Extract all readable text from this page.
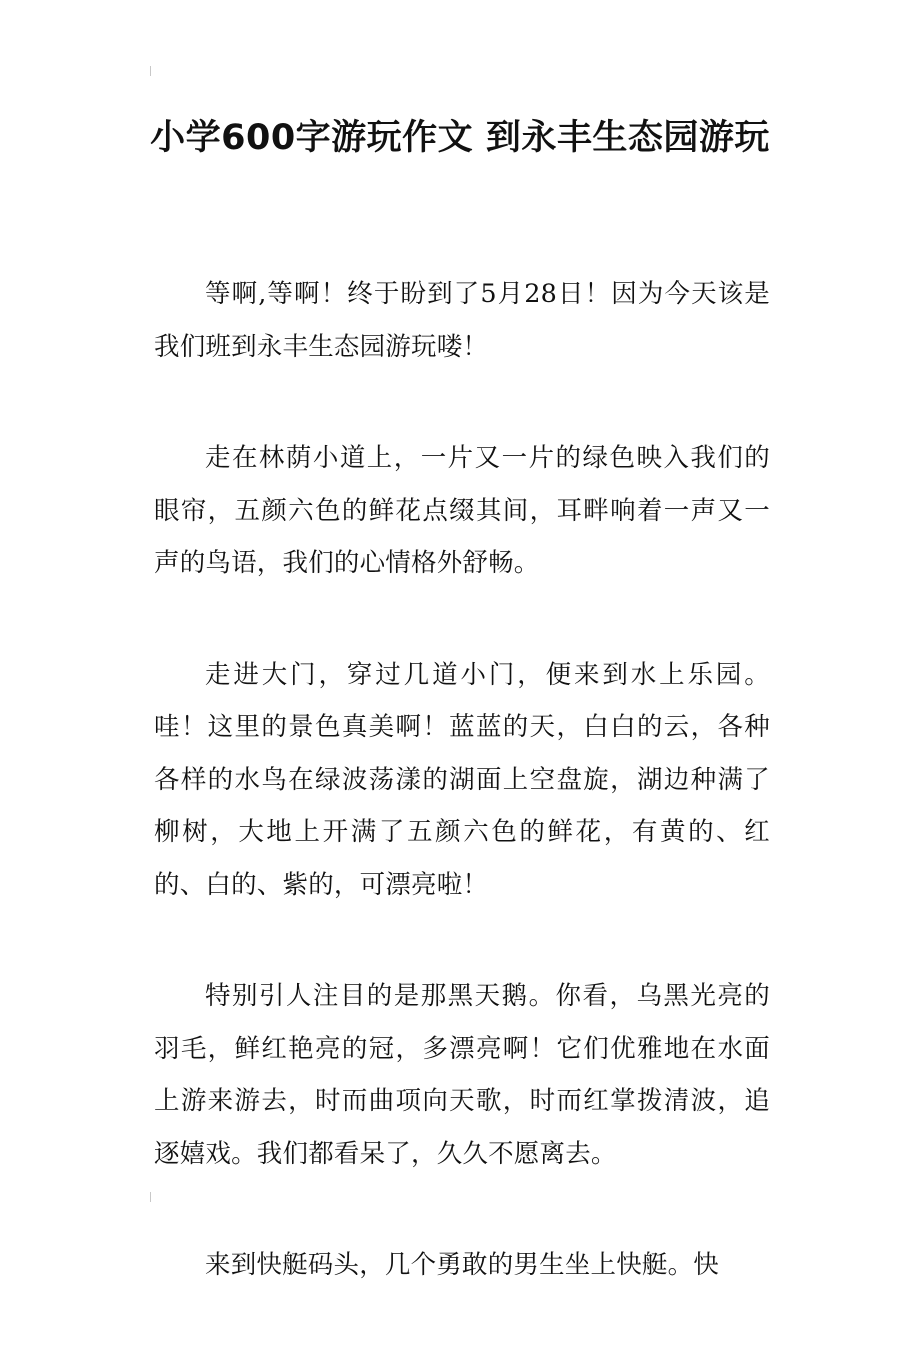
小学600字游玩作文 到永丰生态园游玩

等啊,等啊！终于盼到了5月28日！因为今天该是我们班到永丰生态园游玩喽！

走在林荫小道上，一片又一片的绿色映入我们的眼帘，五颜六色的鲜花点缀其间，耳畔响着一声又一声的鸟语，我们的心情格外舒畅。

走进大门，穿过几道小门，便来到水上乐园。哇！这里的景色真美啊！蓝蓝的天，白白的云，各种各样的水鸟在绿波荡漾的湖面上空盘旋，湖边种满了柳树，大地上开满了五颜六色的鲜花，有黄的、红的、白的、紫的，可漂亮啦！

特别引人注目的是那黑天鹅。你看，乌黑光亮的羽毛，鲜红艳亮的冠，多漂亮啊！它们优雅地在水面上游来游去，时而曲项向天歌，时而红掌拨清波，追逐嬉戏。我们都看呆了，久久不愿离去。

来到快艇码头，几个勇敢的男生坐上快艇。快
